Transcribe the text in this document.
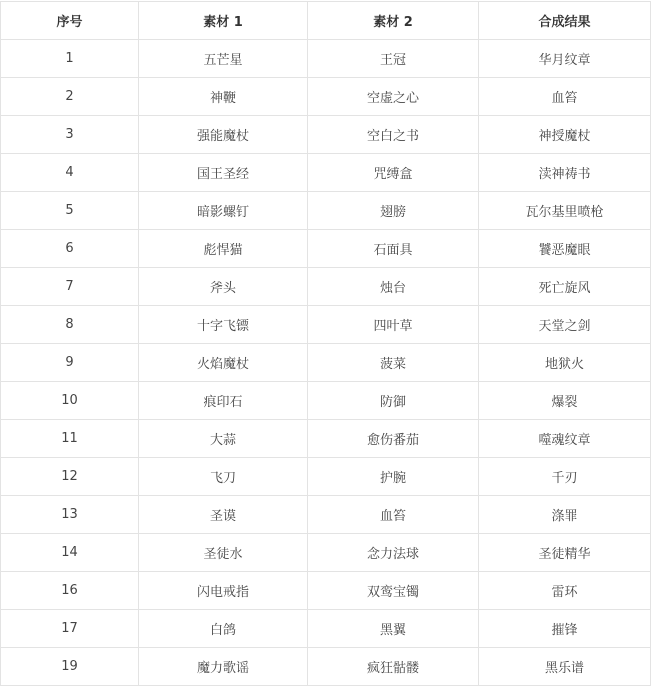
序号	素材 1	素材 2	合成结果
1	五芒星	王冠	华月纹章
2	神鞭	空虚之心	血笞
3	强能魔杖	空白之书	神授魔杖
4	国王圣经	咒缚盒	渎神祷书
5	暗影螺钉	翅膀	瓦尔基里喷枪
6	彪悍猫	石面具	饕恶魔眼
7	斧头	烛台	死亡旋风
8	十字飞镖	四叶草	天堂之剑
9	火焰魔杖	菠菜	地狱火
10	痕印石	防御	爆裂
11	大蒜	愈伤番茄	噬魂纹章
12	飞刀	护腕	千刃
13	圣谟	血笞	涤罪
14	圣徒水	念力法球	圣徒精华
16	闪电戒指	双鸾宝镯	雷环
17	白鸽	黑翼	摧锋
19	魔力歌谣	疯狂骷髅	黑乐谱
